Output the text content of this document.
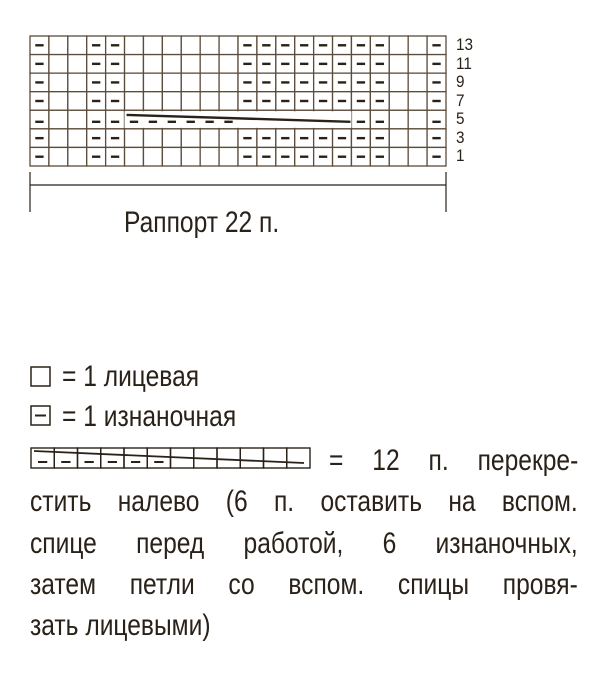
13
11
9
7
5
3
1
Раппорт 22 п.
= 1 лицевая
= 1 изнаночная
= 12 п. перекре-
стить налево (6 п. оставить на вспом.
спице перед работой, 6 изнаночных,
затем петли со вспом. спицы провя-
зать лицевыми)
